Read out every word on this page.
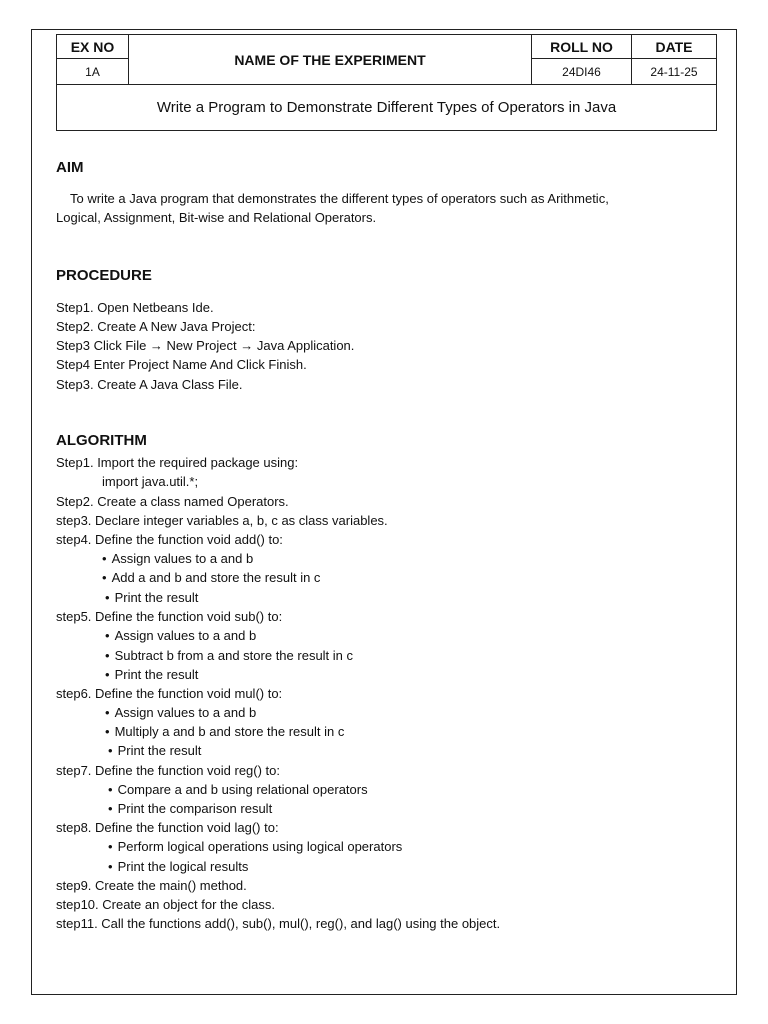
EX NO	NAME OF THE EXPERIMENT	ROLL NO	DATE
1A		24DI46	24-11-25
Write a Program to Demonstrate Different Types of Operators in Java			
AIM
To write a Java program that demonstrates the different types of operators such as Arithmetic,
Logical, Assignment, Bit-wise and Relational Operators.
PROCEDURE
Step1. Open Netbeans Ide.
Step2. Create A New Java Project:
Step3 Click File → New Project → Java Application.
Step4 Enter Project Name And Click Finish.
Step3. Create A Java Class File.
ALGORITHM
Step1. Import the required package using:
import java.util.*;
Step2. Create a class named Operators.
step3. Declare integer variables a, b, c as class variables.
step4. Define the function void add() to:
• Assign values to a and b
• Add a and b and store the result in c
• Print the result
step5. Define the function void sub() to:
• Assign values to a and b
• Subtract b from a and store the result in c
• Print the result
step6. Define the function void mul() to:
• Assign values to a and b
• Multiply a and b and store the result in c
• Print the result
step7. Define the function void reg() to:
• Compare a and b using relational operators
• Print the comparison result
step8. Define the function void lag() to:
• Perform logical operations using logical operators
• Print the logical results
step9. Create the main() method.
step10. Create an object for the class.
step11. Call the functions add(), sub(), mul(), reg(), and lag() using the object.
